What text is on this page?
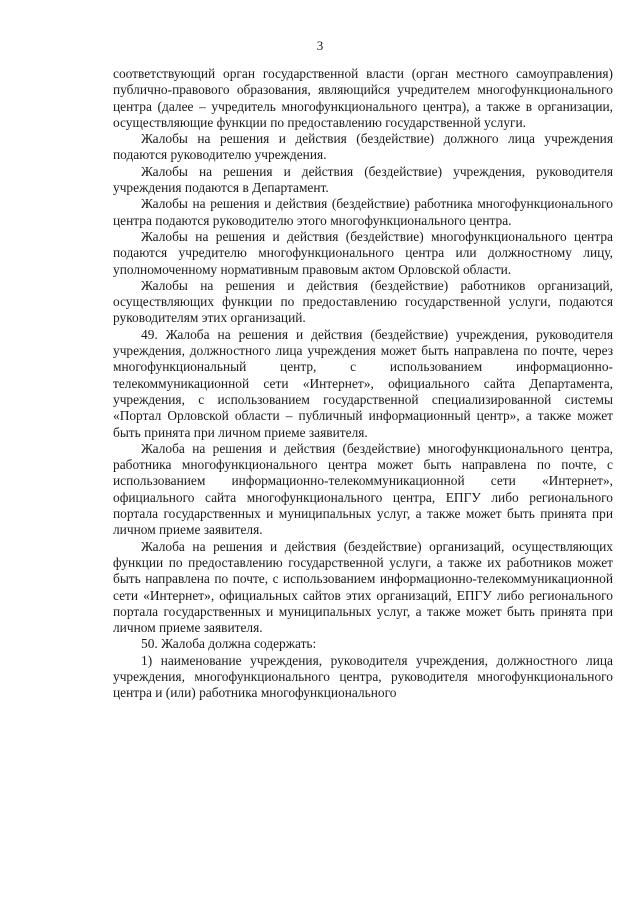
3

соответствующий орган государственной власти (орган местного самоуправления) публично-правового образования, являющийся учредителем многофункционального центра (далее – учредитель многофункционального центра), а также в организации, осуществляющие функции по предоставлению государственной услуги.

Жалобы на решения и действия (бездействие) должного лица учреждения подаются руководителю учреждения.

Жалобы на решения и действия (бездействие) учреждения, руководителя учреждения подаются в Департамент.

Жалобы на решения и действия (бездействие) работника многофункционального центра подаются руководителю этого многофункционального центра.

Жалобы на решения и действия (бездействие) многофункционального центра подаются учредителю многофункционального центра или должностному лицу, уполномоченному нормативным правовым актом Орловской области.

Жалобы на решения и действия (бездействие) работников организаций, осуществляющих функции по предоставлению государственной услуги, подаются руководителям этих организаций.

49. Жалоба на решения и действия (бездействие) учреждения, руководителя учреждения, должностного лица учреждения может быть направлена по почте, через многофункциональный центр, с использованием информационно-телекоммуникационной сети «Интернет», официального сайта Департамента, учреждения, с использованием государственной специализированной системы «Портал Орловской области – публичный информационный центр», а также может быть принята при личном приеме заявителя.

Жалоба на решения и действия (бездействие) многофункционального центра, работника многофункционального центра может быть направлена по почте, с использованием информационно-телекоммуникационной сети «Интернет», официального сайта многофункционального центра, ЕПГУ либо регионального портала государственных и муниципальных услуг, а также может быть принята при личном приеме заявителя.

Жалоба на решения и действия (бездействие) организаций, осуществляющих функции по предоставлению государственной услуги, а также их работников может быть направлена по почте, с использованием информационно-телекоммуникационной сети «Интернет», официальных сайтов этих организаций, ЕПГУ либо регионального портала государственных и муниципальных услуг, а также может быть принята при личном приеме заявителя.

50. Жалоба должна содержать:

1) наименование учреждения, руководителя учреждения, должностного лица учреждения, многофункционального центра, руководителя многофункционального центра и (или) работника многофункционального
